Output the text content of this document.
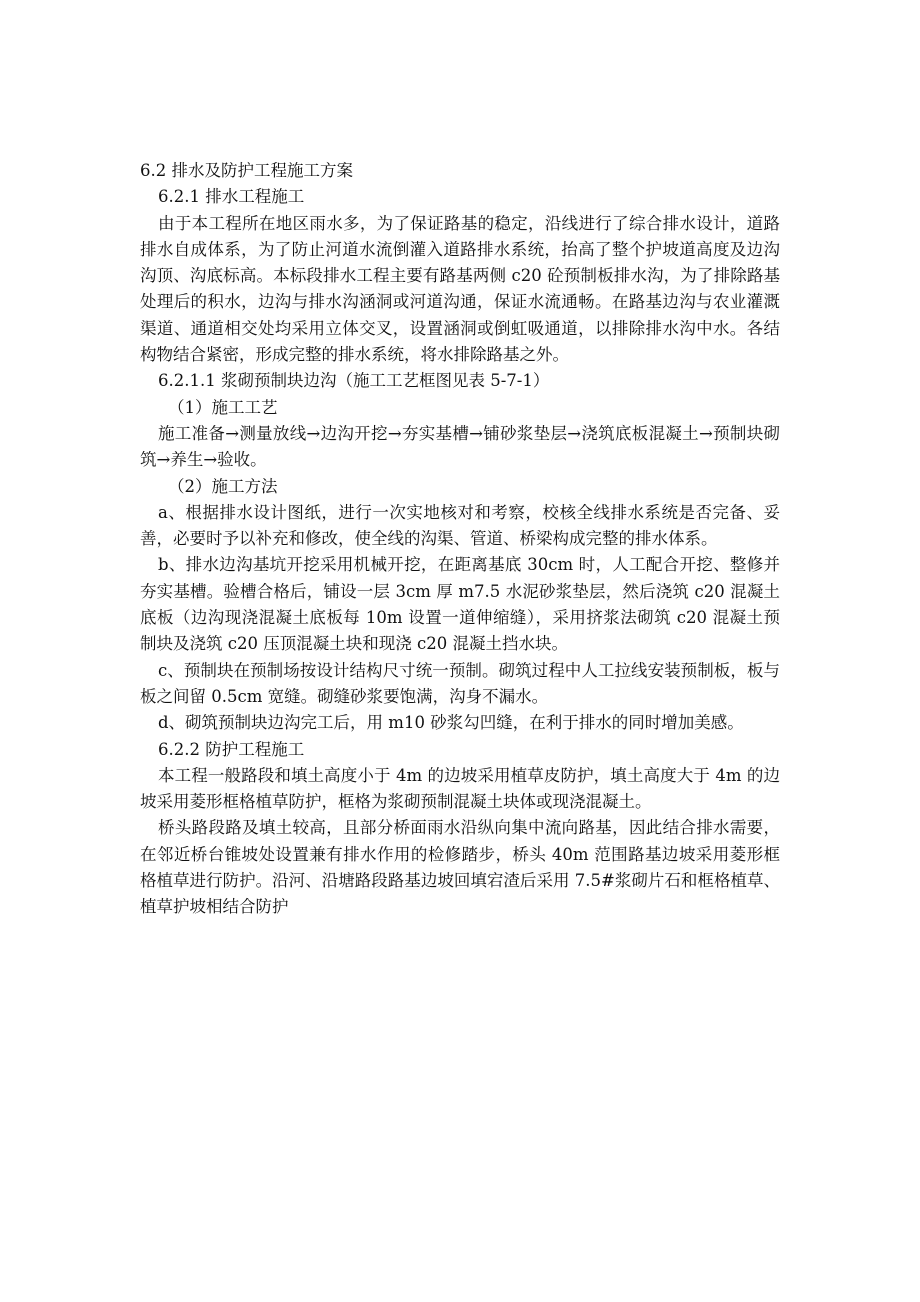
6.2 排水及防护工程施工方案

6.2.1 排水工程施工

由于本工程所在地区雨水多，为了保证路基的稳定，沿线进行了综合排水设计，道路排水自成体系，为了防止河道水流倒灌入道路排水系统，抬高了整个护坡道高度及边沟沟顶、沟底标高。本标段排水工程主要有路基两侧 c20 砼预制板排水沟，为了排除路基处理后的积水，边沟与排水沟涵洞或河道沟通，保证水流通畅。在路基边沟与农业灌溉渠道、通道相交处均采用立体交叉，设置涵洞或倒虹吸通道，以排除排水沟中水。各结构物结合紧密，形成完整的排水系统，将水排除路基之外。

6.2.1.1 浆砌预制块边沟（施工工艺框图见表 5-7-1）

（1）施工工艺

施工准备→测量放线→边沟开挖→夯实基槽→铺砂浆垫层→浇筑底板混凝土→预制块砌筑→养生→验收。

（2）施工方法

a、根据排水设计图纸，进行一次实地核对和考察，校核全线排水系统是否完备、妥善，必要时予以补充和修改，使全线的沟渠、管道、桥梁构成完整的排水体系。

b、排水边沟基坑开挖采用机械开挖，在距离基底 30cm 时，人工配合开挖、整修并夯实基槽。验槽合格后，铺设一层 3cm 厚 m7.5 水泥砂浆垫层，然后浇筑 c20 混凝土底板（边沟现浇混凝土底板每 10m 设置一道伸缩缝），采用挤浆法砌筑 c20 混凝土预制块及浇筑 c20 压顶混凝土块和现浇 c20 混凝土挡水块。

c、预制块在预制场按设计结构尺寸统一预制。砌筑过程中人工拉线安装预制板，板与板之间留 0.5cm 宽缝。砌缝砂浆要饱满，沟身不漏水。

d、砌筑预制块边沟完工后，用 m10 砂浆勾凹缝，在利于排水的同时增加美感。

6.2.2 防护工程施工

本工程一般路段和填土高度小于 4m 的边坡采用植草皮防护，填土高度大于 4m 的边坡采用菱形框格植草防护，框格为浆砌预制混凝土块体或现浇混凝土。

桥头路段路及填土较高，且部分桥面雨水沿纵向集中流向路基，因此结合排水需要，在邻近桥台锥坡处设置兼有排水作用的检修踏步，桥头 40m 范围路基边坡采用菱形框格植草进行防护。沿河、沿塘路段路基边坡回填宕渣后采用 7.5#浆砌片石和框格植草、植草护坡相结合防护
